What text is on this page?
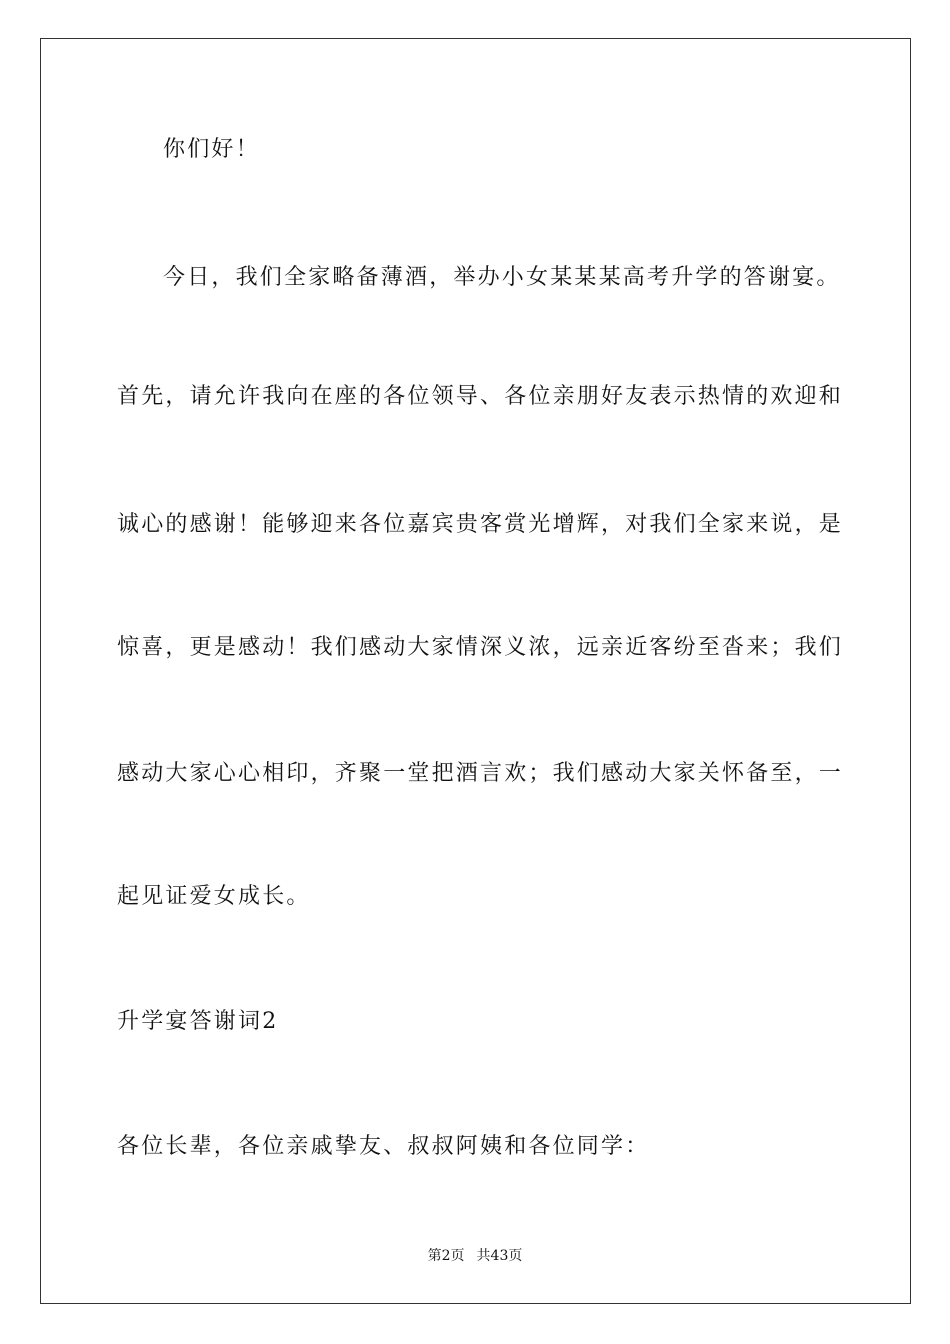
你们好！
今日，我们全家略备薄酒，举办小女某某某高考升学的答谢宴。
首先，请允许我向在座的各位领导、各位亲朋好友表示热情的欢迎和
诚心的感谢！能够迎来各位嘉宾贵客赏光增辉，对我们全家来说，是
惊喜，更是感动！我们感动大家情深义浓，远亲近客纷至沓来；我们
感动大家心心相印，齐聚一堂把酒言欢；我们感动大家关怀备至，一
起见证爱女成长。
升学宴答谢词2
各位长辈，各位亲戚挚友、叔叔阿姨和各位同学：
第2页 共43页
